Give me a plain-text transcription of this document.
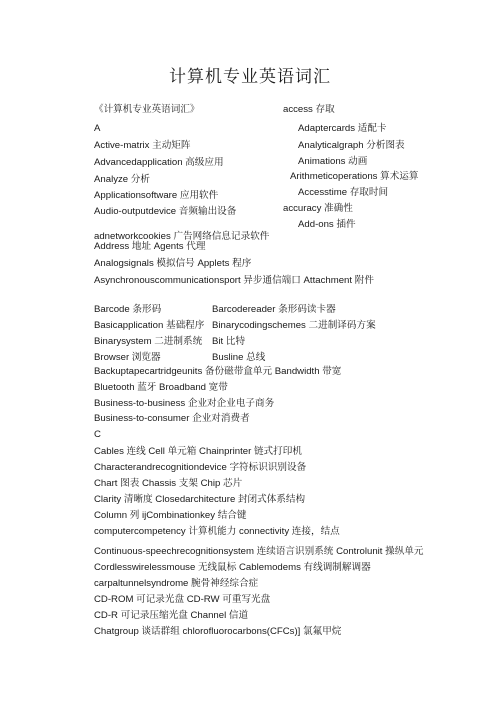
计算机专业英语词汇
《计算机专业英语词汇》
A
Active-matrix 主动矩阵
Advancedapplication 高级应用
Analyze 分析
Applicationsoftware 应用软件
Audio-outputdevice 音频输出设备
access 存取
Adaptercards 适配卡
Analyticalgraph 分析图表
Animations 动画
Arithmeticoperations 算术运算
Accesstime 存取时间
accuracy 准确性
Add-ons 插件
adnetworkcookies 广告网络信息记录软件
Address 地址 Agents 代理
Analogsignals 模拟信号 Applets 程序
Asynchronouscommunicationsport 异步通信端口 Attachment 附件
Barcode 条形码	Barcodereader 条形码读卡器
Basicapplication 基础程序 Binarycodingschemes 二进制译码方案
Binarysystem 二进制系统 Bit 比特
Browser 浏览器	Busline 总线
Backuptapecartridgeunits 备份磁带盒单元 Bandwidth 带宽
Bluetooth 蓝牙 Broadband 宽带
Business-to-business 企业对企业电子商务
Business-to-consumer 企业对消费者
C
Cables 连线 Cell 单元箱 Chainprinter 链式打印机
Characterandrecognitiondevice 字符标识识别设备
Chart 图表 Chassis 支架 Chip 芯片
Clarity 清晰度 Closedarchitecture 封闭式体系结构
Column 列 ijCombinationkey 结合键
computercompetency 计算机能力 connectivity 连接，结点
Continuous-speechrecognitionsystem 连续语言识别系统 Controlunit 操纵单元
Cordlesswirelessmouse 无线鼠标 Cablemodems 有线调制解调器
carpaltunnelsyndrome 腕骨神经综合症
CD-ROM 可记录光盘 CD-RW 可重写光盘
CD-R 可记录压缩光盘 Channel 信道
Chatgroup 谈话群组 chlorofluorocarbons(CFCs)] 氯氟甲烷
